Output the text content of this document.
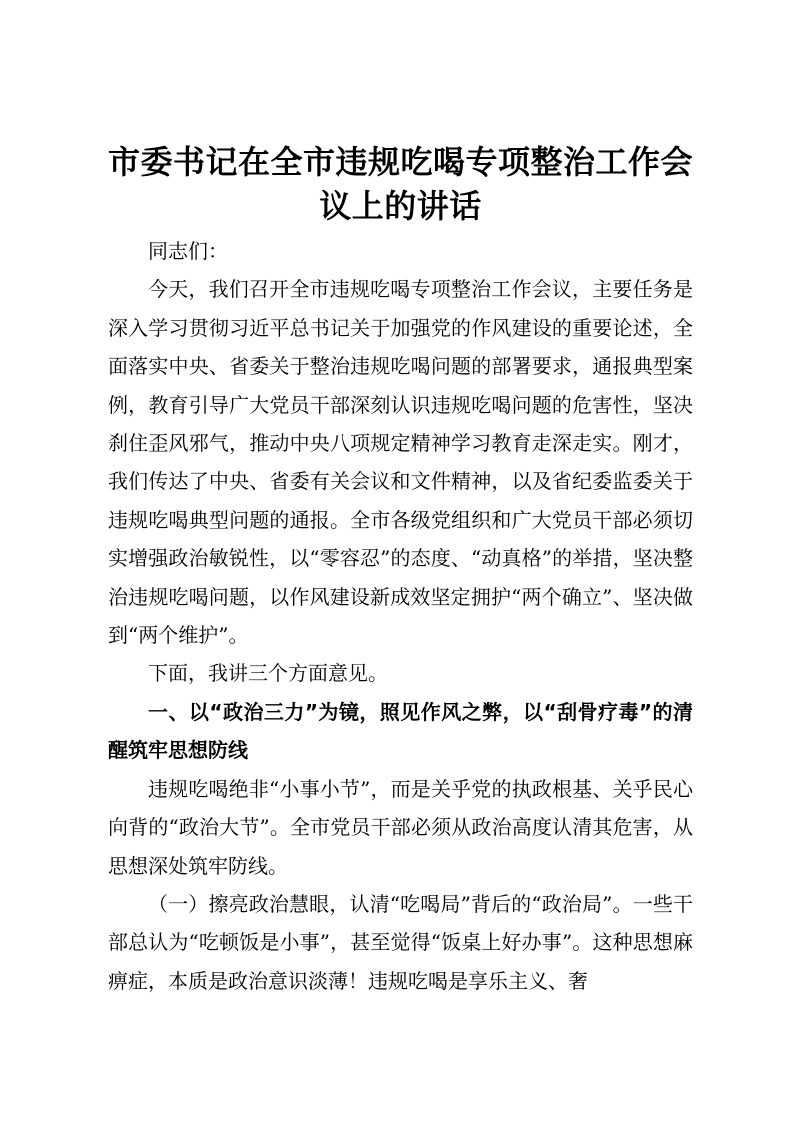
市委书记在全市违规吃喝专项整治工作会议上的讲话

同志们：

今天，我们召开全市违规吃喝专项整治工作会议，主要任务是深入学习贯彻习近平总书记关于加强党的作风建设的重要论述，全面落实中央、省委关于整治违规吃喝问题的部署要求，通报典型案例，教育引导广大党员干部深刻认识违规吃喝问题的危害性，坚决刹住歪风邪气，推动中央八项规定精神学习教育走深走实。刚才，我们传达了中央、省委有关会议和文件精神，以及省纪委监委关于违规吃喝典型问题的通报。全市各级党组织和广大党员干部必须切实增强政治敏锐性，以“零容忍”的态度、“动真格”的举措，坚决整治违规吃喝问题，以作风建设新成效坚定拥护“两个确立”、坚决做到“两个维护”。

下面，我讲三个方面意见。

一、以“政治三力”为镜，照见作风之弊，以“刮骨疗毒”的清醒筑牢思想防线

违规吃喝绝非“小事小节”，而是关乎党的执政根基、关乎民心向背的“政治大节”。全市党员干部必须从政治高度认清其危害，从思想深处筑牢防线。

（一）擦亮政治慧眼，认清“吃喝局”背后的“政治局”。一些干部总认为“吃顿饭是小事”，甚至觉得“饭桌上好办事”。这种思想麻痹症，本质是政治意识淡薄！违规吃喝是享乐主义、奢
